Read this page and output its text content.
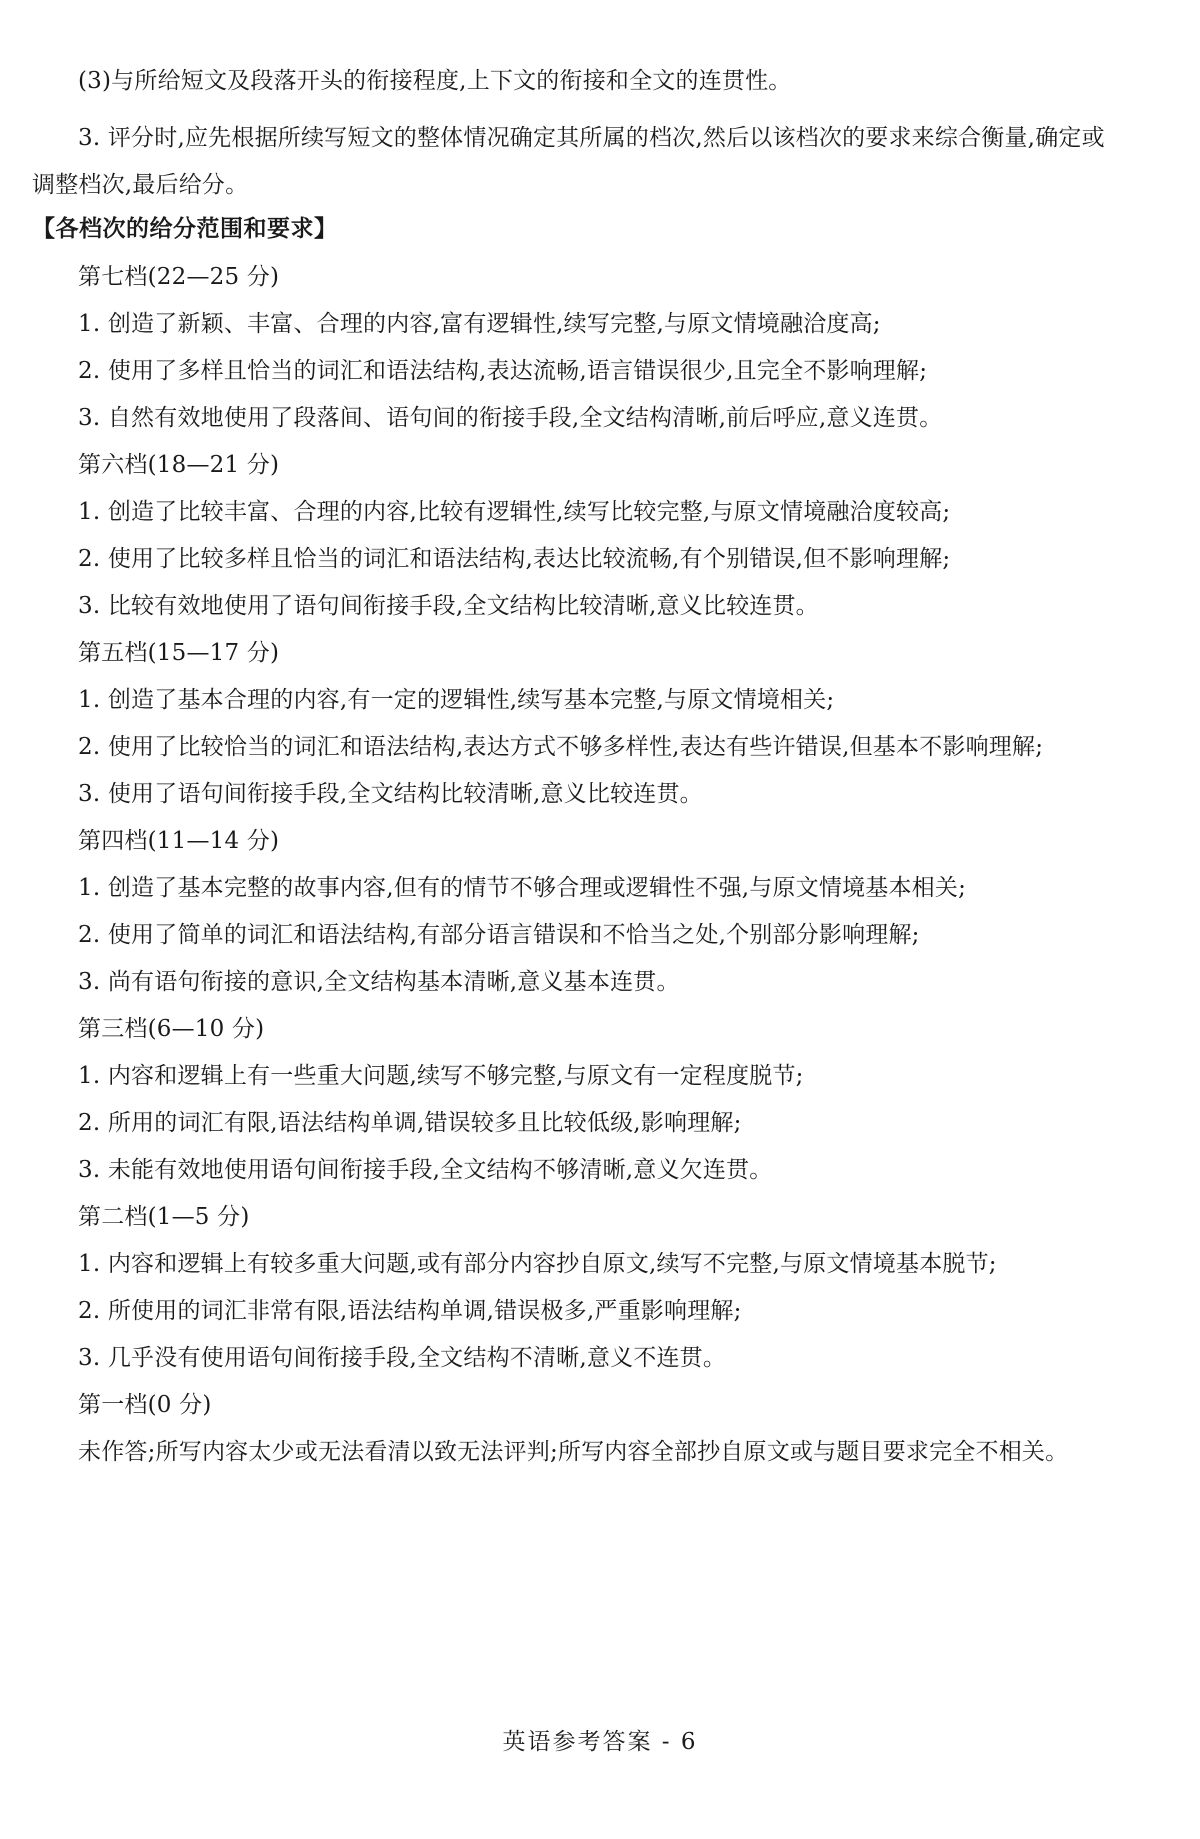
(3)与所给短文及段落开头的衔接程度,上下文的衔接和全文的连贯性。
3. 评分时,应先根据所续写短文的整体情况确定其所属的档次,然后以该档次的要求来综合衡量,确定或
调整档次,最后给分。
【各档次的给分范围和要求】
第七档(22—25 分)
1. 创造了新颖、丰富、合理的内容,富有逻辑性,续写完整,与原文情境融洽度高;
2. 使用了多样且恰当的词汇和语法结构,表达流畅,语言错误很少,且完全不影响理解;
3. 自然有效地使用了段落间、语句间的衔接手段,全文结构清晰,前后呼应,意义连贯。
第六档(18—21 分)
1. 创造了比较丰富、合理的内容,比较有逻辑性,续写比较完整,与原文情境融洽度较高;
2. 使用了比较多样且恰当的词汇和语法结构,表达比较流畅,有个别错误,但不影响理解;
3. 比较有效地使用了语句间衔接手段,全文结构比较清晰,意义比较连贯。
第五档(15—17 分)
1. 创造了基本合理的内容,有一定的逻辑性,续写基本完整,与原文情境相关;
2. 使用了比较恰当的词汇和语法结构,表达方式不够多样性,表达有些许错误,但基本不影响理解;
3. 使用了语句间衔接手段,全文结构比较清晰,意义比较连贯。
第四档(11—14 分)
1. 创造了基本完整的故事内容,但有的情节不够合理或逻辑性不强,与原文情境基本相关;
2. 使用了简单的词汇和语法结构,有部分语言错误和不恰当之处,个别部分影响理解;
3. 尚有语句衔接的意识,全文结构基本清晰,意义基本连贯。
第三档(6—10 分)
1. 内容和逻辑上有一些重大问题,续写不够完整,与原文有一定程度脱节;
2. 所用的词汇有限,语法结构单调,错误较多且比较低级,影响理解;
3. 未能有效地使用语句间衔接手段,全文结构不够清晰,意义欠连贯。
第二档(1—5 分)
1. 内容和逻辑上有较多重大问题,或有部分内容抄自原文,续写不完整,与原文情境基本脱节;
2. 所使用的词汇非常有限,语法结构单调,错误极多,严重影响理解;
3. 几乎没有使用语句间衔接手段,全文结构不清晰,意义不连贯。
第一档(0 分)
未作答;所写内容太少或无法看清以致无法评判;所写内容全部抄自原文或与题目要求完全不相关。
英语参考答案 - 6
